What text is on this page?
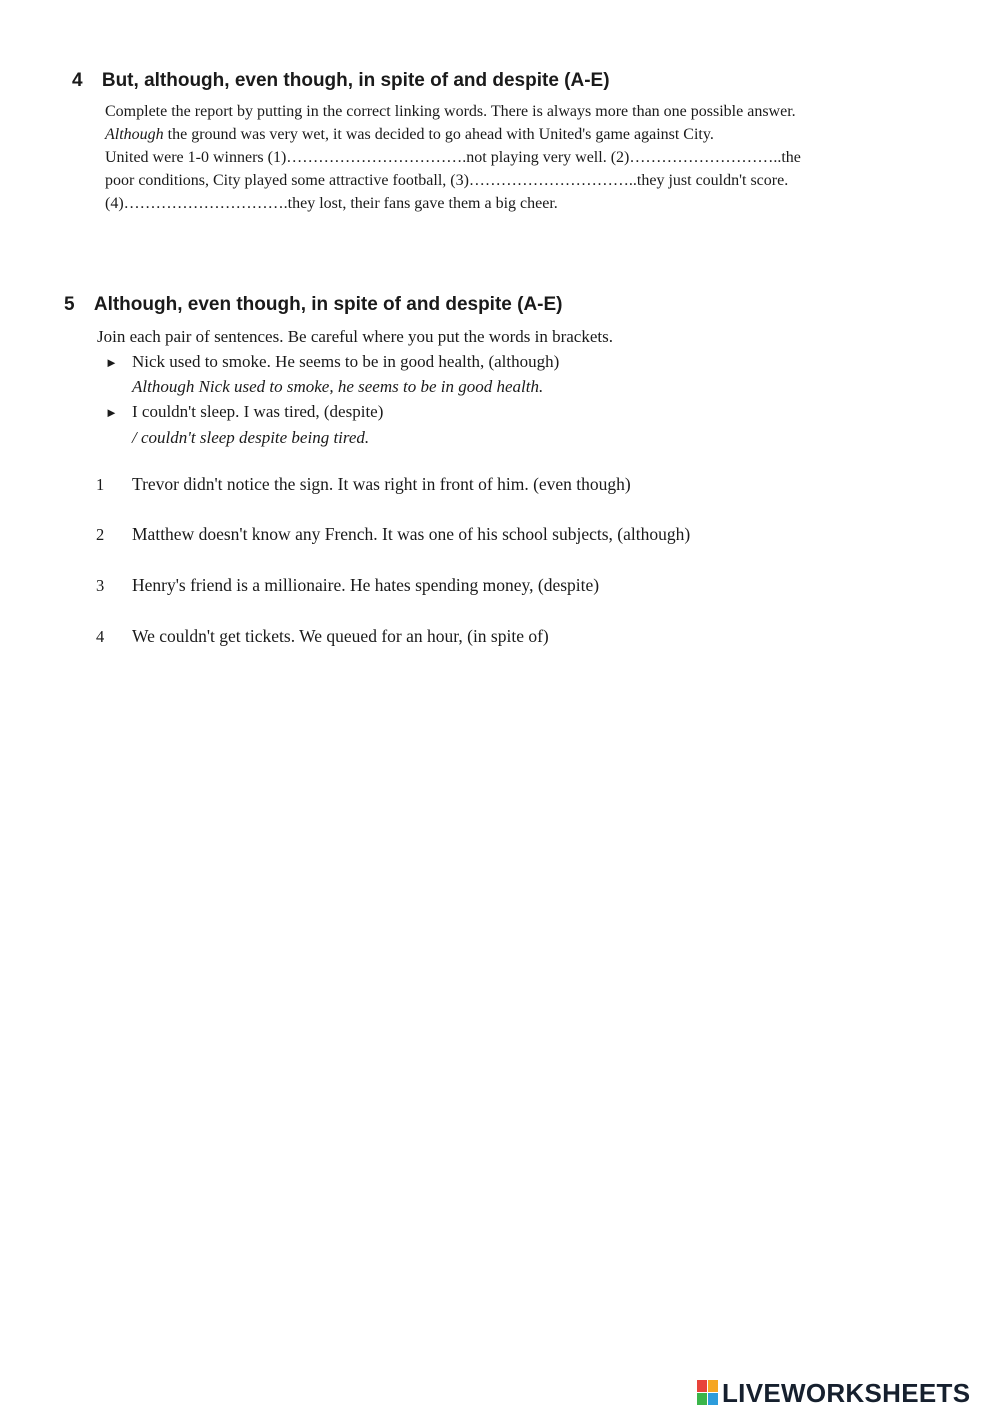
4 But, although, even though, in spite of and despite (A-E)
Complete the report by putting in the correct linking words. There is always more than one possible answer.
Although the ground was very wet, it was decided to go ahead with United's game against City.
United were 1-0 winners (1)…………………………….not playing very well. (2)………………………..the
poor conditions, City played some attractive football, (3)…………………………..they just couldn't score.
(4)………………………….they lost, their fans gave them a big cheer.
5 Although, even though, in spite of and despite (A-E)
Join each pair of sentences. Be careful where you put the words in brackets.
► Nick used to smoke. He seems to be in good health, (although)
Although Nick used to smoke, he seems to be in good health.
► I couldn't sleep. I was tired, (despite)
/ couldn't sleep despite being tired.
1 Trevor didn't notice the sign. It was right in front of him. (even though)
2 Matthew doesn't know any French. It was one of his school subjects, (although)
3 Henry's friend is a millionaire. He hates spending money, (despite)
4 We couldn't get tickets. We queued for an hour, (in spite of)
LIVEWORKSHEETS
